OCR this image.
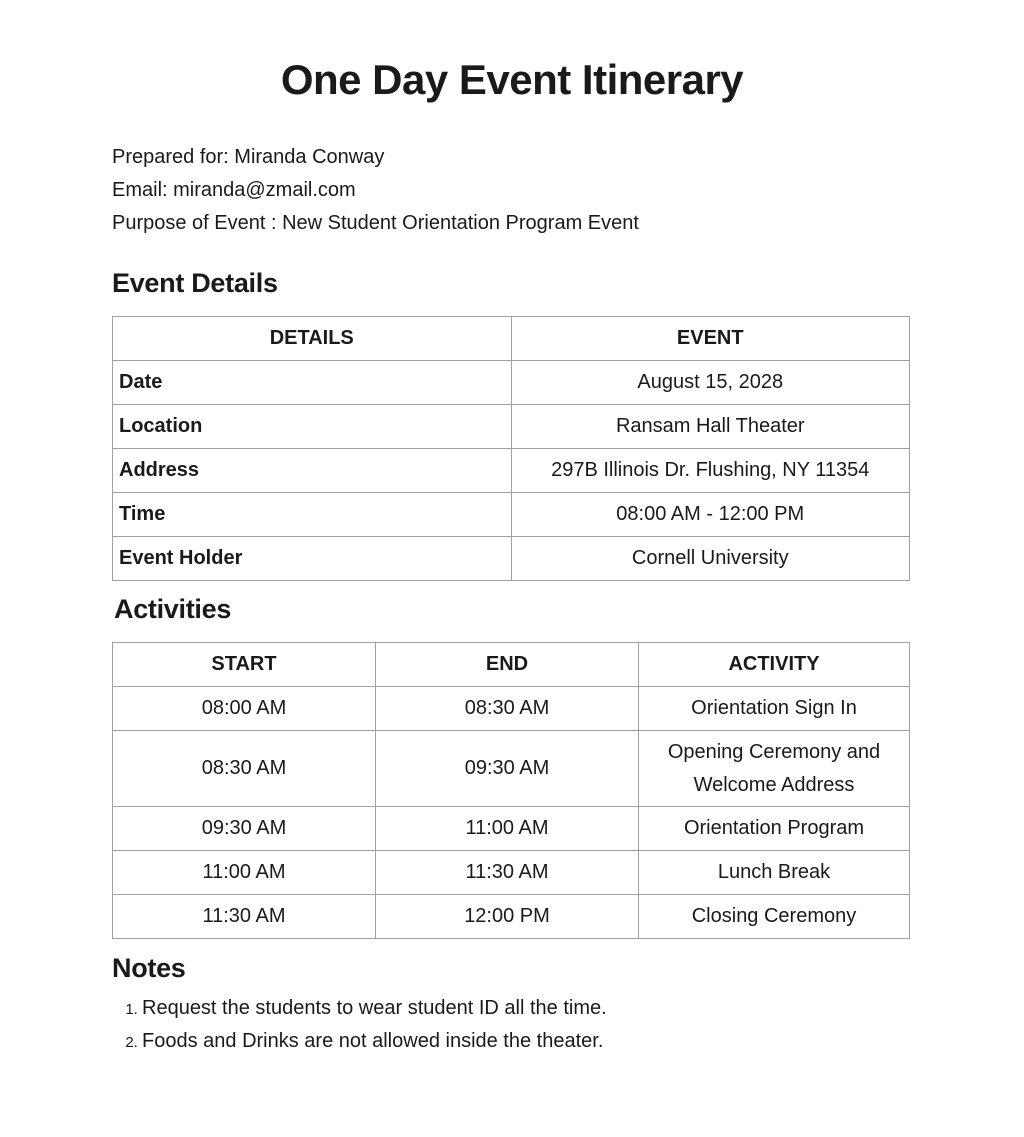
One Day Event Itinerary
Prepared for: Miranda Conway
Email: miranda@zmail.com
Purpose of Event : New Student Orientation Program Event
Event Details
DETAILS	EVENT
Date	August 15, 2028
Location	Ransam Hall Theater
Address	297B Illinois Dr. Flushing, NY 11354
Time	08:00 AM - 12:00 PM
Event Holder	Cornell University
Activities
START	END	ACTIVITY
08:00 AM	08:30 AM	Orientation Sign In
08:30 AM	09:30 AM	Opening Ceremony and Welcome Address
09:30 AM	11:00 AM	Orientation Program
11:00 AM	11:30 AM	Lunch Break
11:30 AM	12:00 PM	Closing Ceremony
Notes
1. Request the students to wear student ID all the time.
2. Foods and Drinks are not allowed inside the theater.
